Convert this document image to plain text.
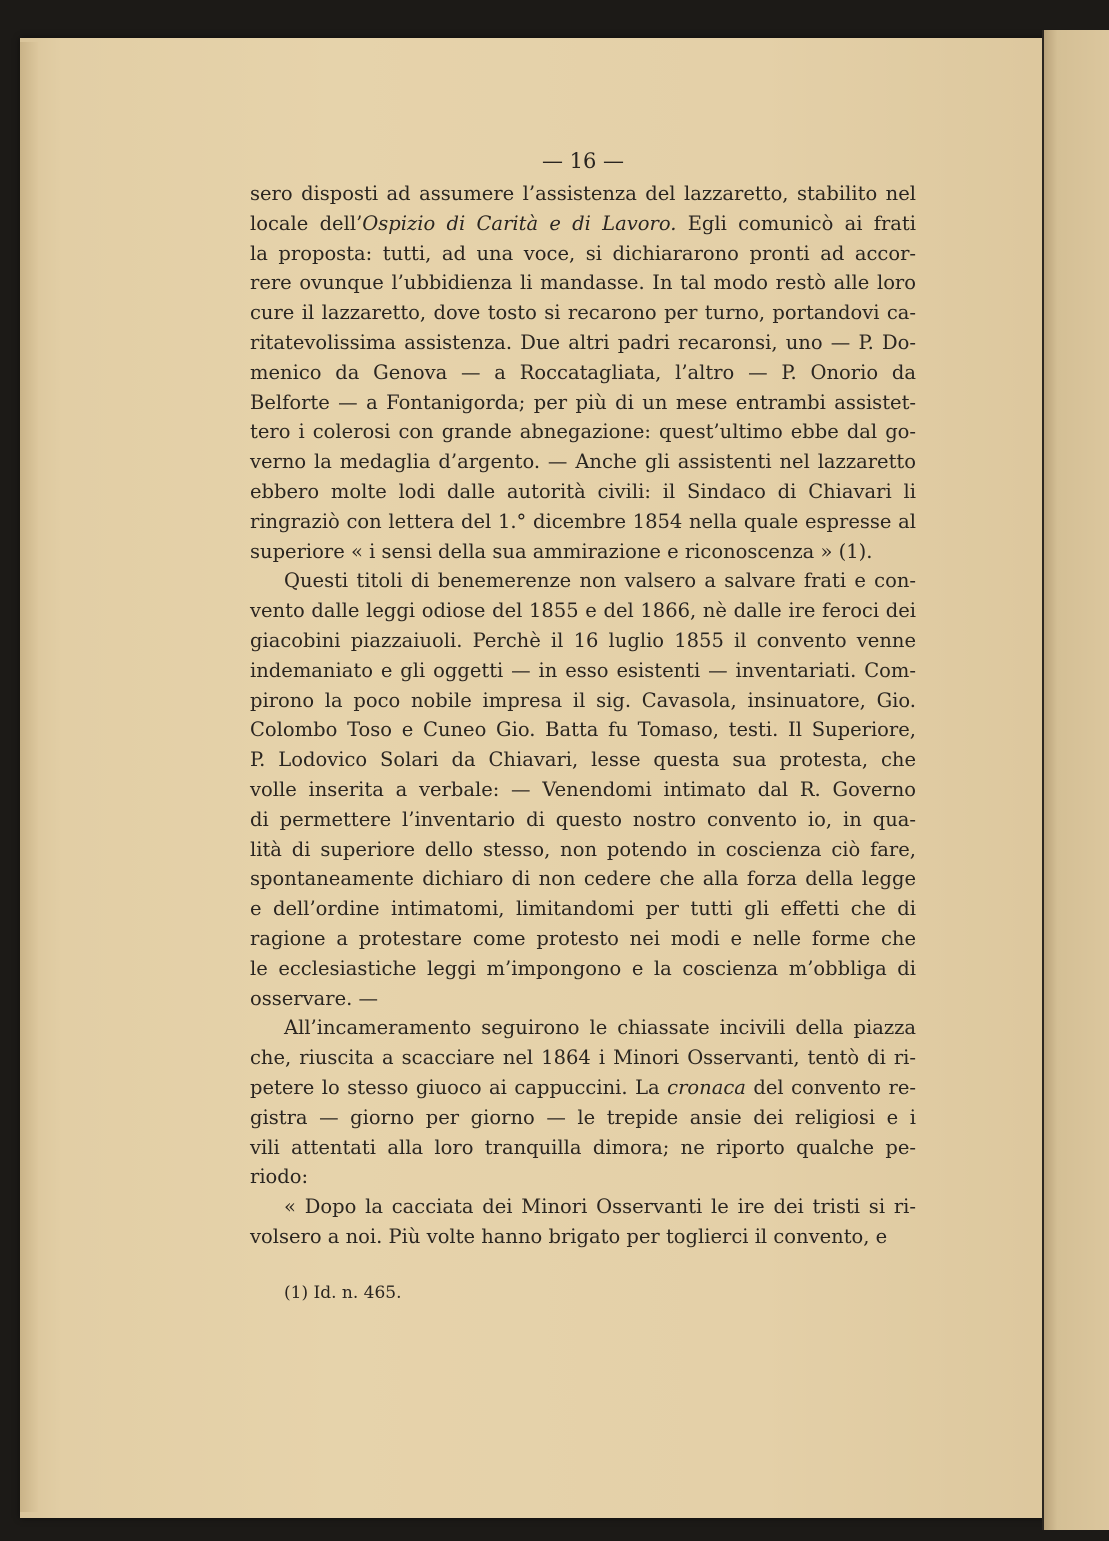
— 16 —
sero disposti ad assumere l’assistenza del lazzaretto, stabilito nel
locale dell’Ospizio di Carità e di Lavoro. Egli comunicò ai frati
la proposta: tutti, ad una voce, si dichiararono pronti ad accor-
rere ovunque l’ubbidienza li mandasse. In tal modo restò alle loro
cure il lazzaretto, dove tosto si recarono per turno, portandovi ca-
ritatevolissima assistenza. Due altri padri recaronsi, uno — P. Do-
menico da Genova — a Roccatagliata, l’altro — P. Onorio da
Belforte — a Fontanigorda; per più di un mese entrambi assistet-
tero i colerosi con grande abnegazione: quest’ultimo ebbe dal go-
verno la medaglia d’argento. — Anche gli assistenti nel lazzaretto
ebbero molte lodi dalle autorità civili: il Sindaco di Chiavari li
ringraziò con lettera del 1.° dicembre 1854 nella quale espresse al
superiore « i sensi della sua ammirazione e riconoscenza » (1).
Questi titoli di benemerenze non valsero a salvare frati e con-
vento dalle leggi odiose del 1855 e del 1866, nè dalle ire feroci dei
giacobini piazzaiuoli. Perchè il 16 luglio 1855 il convento venne
indemaniato e gli oggetti — in esso esistenti — inventariati. Com-
pirono la poco nobile impresa il sig. Cavasola, insinuatore, Gio.
Colombo Toso e Cuneo Gio. Batta fu Tomaso, testi. Il Superiore,
P. Lodovico Solari da Chiavari, lesse questa sua protesta, che
volle inserita a verbale: — Venendomi intimato dal R. Governo
di permettere l’inventario di questo nostro convento io, in qua-
lità di superiore dello stesso, non potendo in coscienza ciò fare,
spontaneamente dichiaro di non cedere che alla forza della legge
e dell’ordine intimatomi, limitandomi per tutti gli effetti che di
ragione a protestare come protesto nei modi e nelle forme che
le ecclesiastiche leggi m’impongono e la coscienza m’obbliga di
osservare. —
All’incameramento seguirono le chiassate incivili della piazza
che, riuscita a scacciare nel 1864 i Minori Osservanti, tentò di ri-
petere lo stesso giuoco ai cappuccini. La cronaca del convento re-
gistra — giorno per giorno — le trepide ansie dei religiosi e i
vili attentati alla loro tranquilla dimora; ne riporto qualche pe-
riodo:
« Dopo la cacciata dei Minori Osservanti le ire dei tristi si ri-
volsero a noi. Più volte hanno brigato per toglierci il convento, e
(1) Id. n. 465.
